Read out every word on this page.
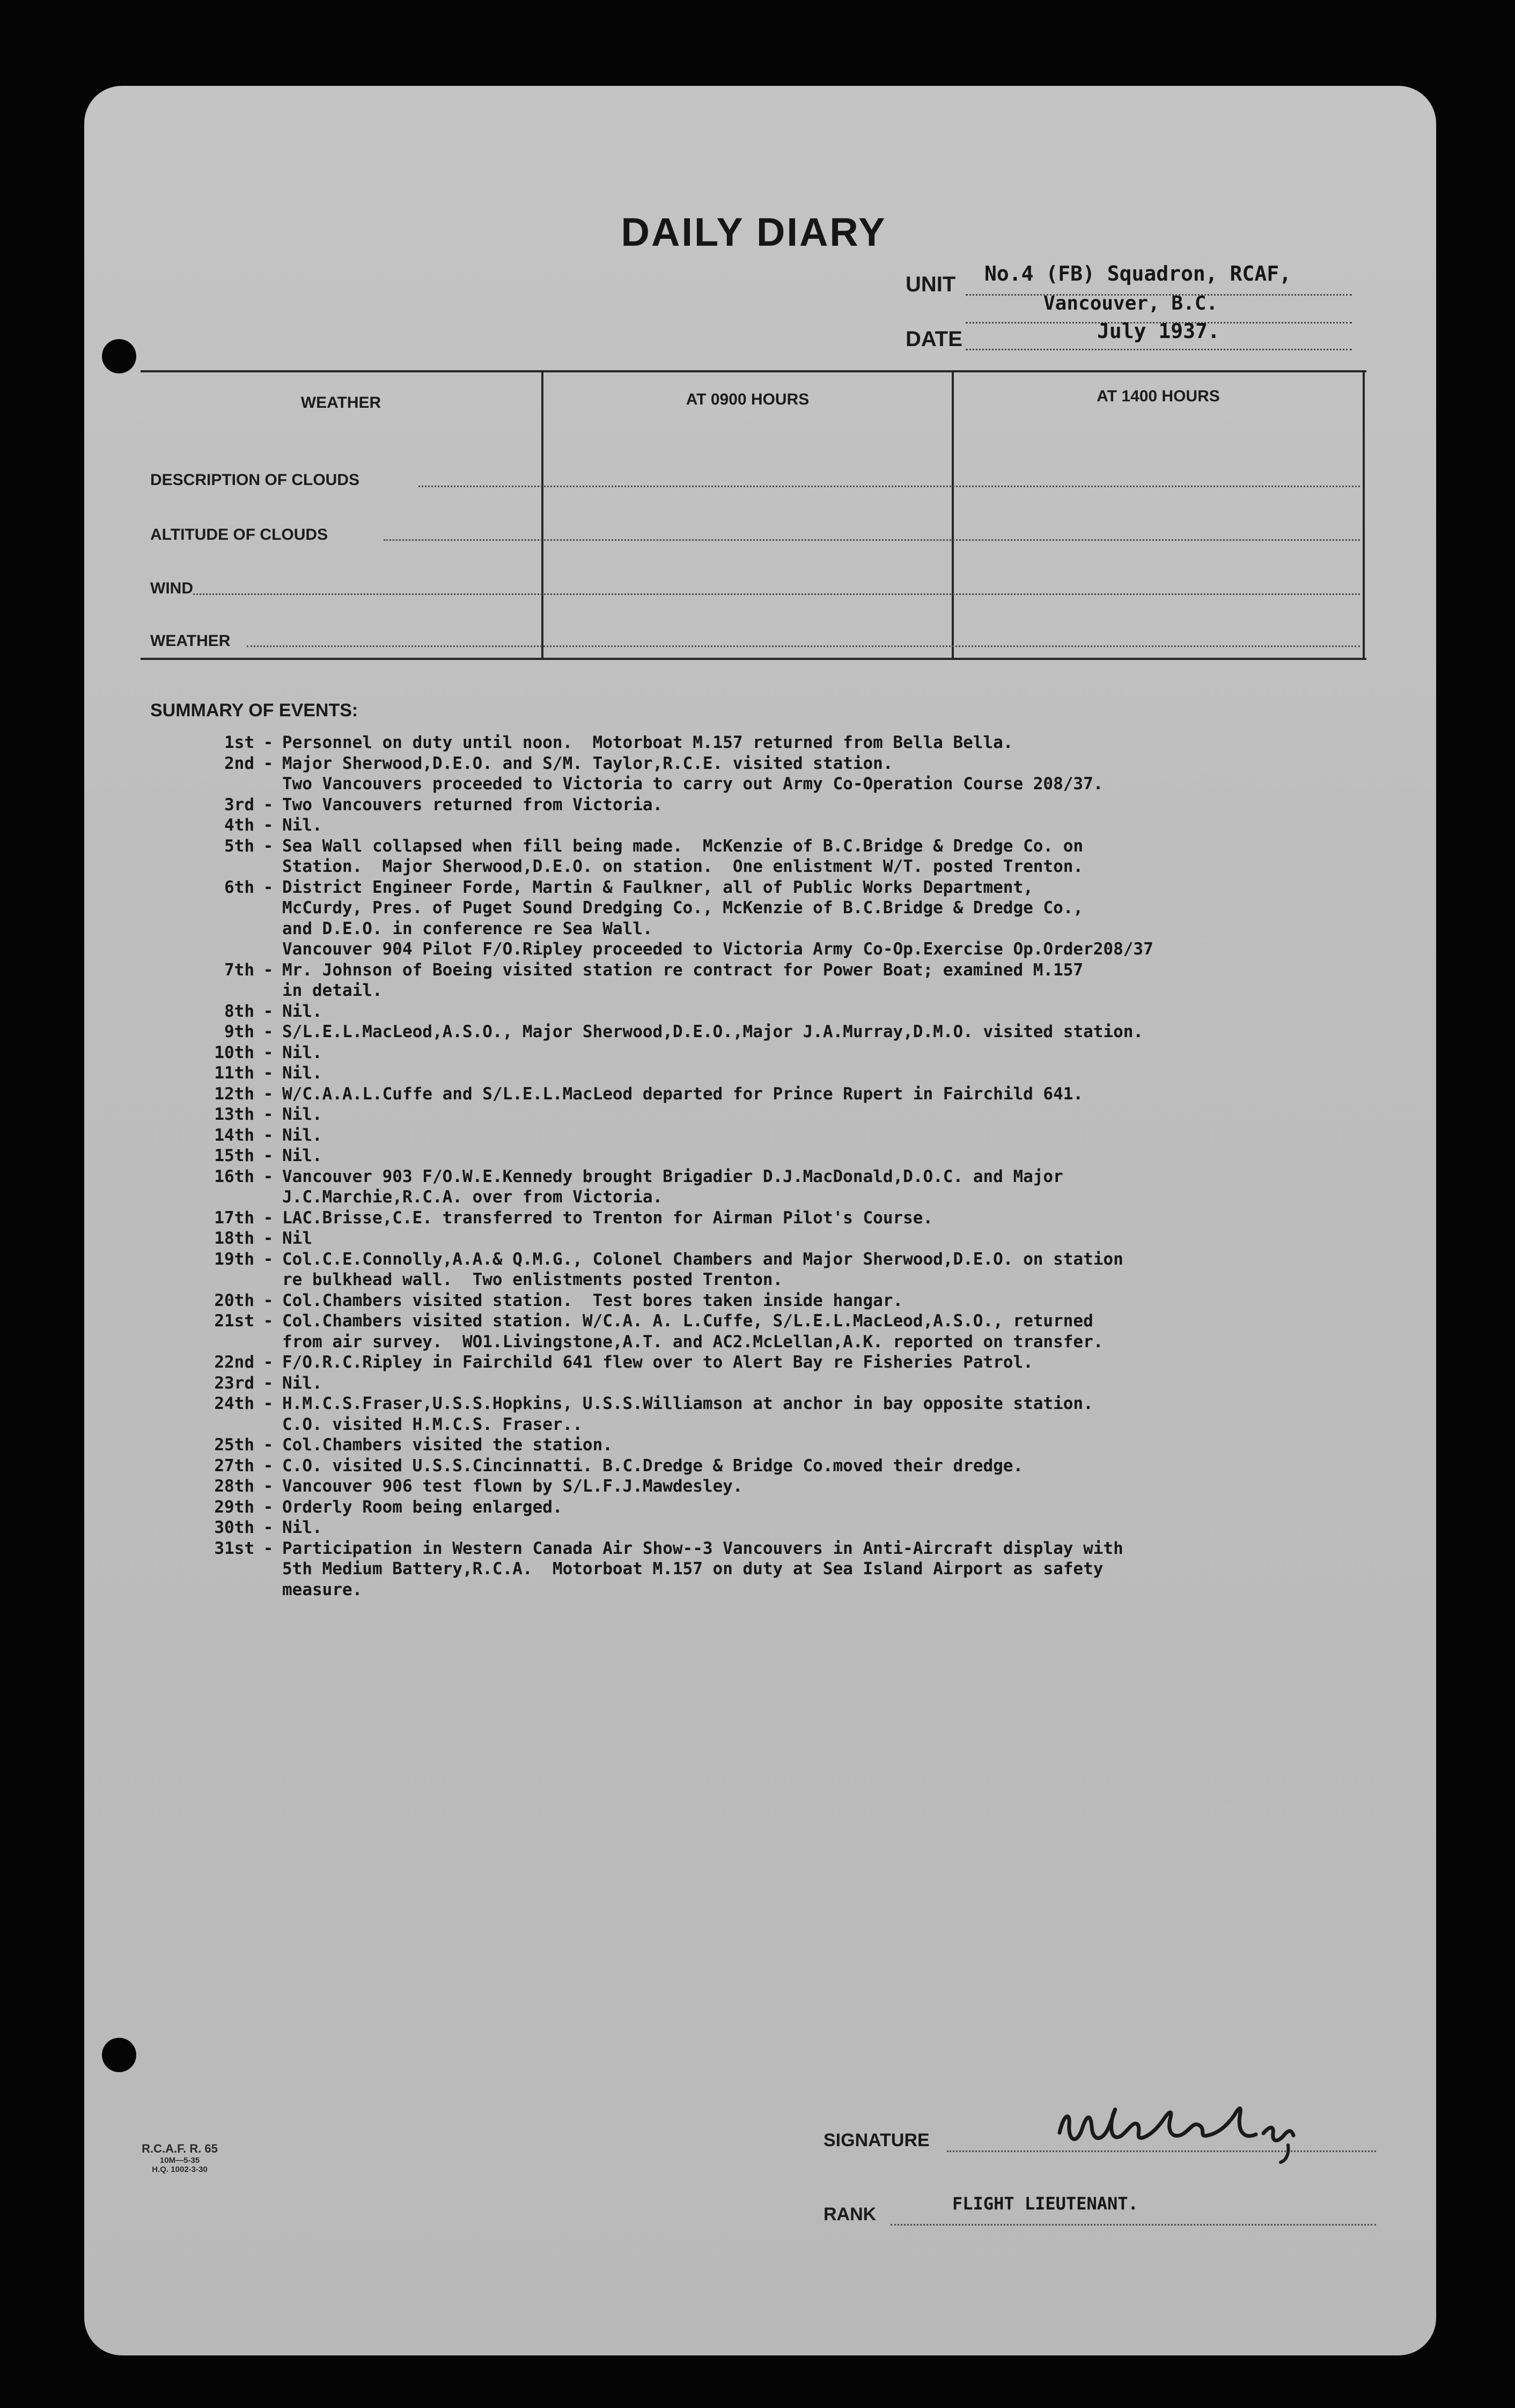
DAILY DIARY
UNIT No.4 (FB) Squadron, RCAF,
Vancouver, B.C.
DATE	July 1937.
WEATHER	AT 0900 HOURS	AT 1400 HOURS
DESCRIPTION OF CLOUDS
ALTITUDE OF CLOUDS
WIND
WEATHER
SUMMARY OF EVENTS:
1st - Personnel on duty until noon.  Motorboat M.157 returned from Bella Bella.
2nd - Major Sherwood,D.E.O. and S/M. Taylor,R.C.E. visited station.
Two Vancouvers proceeded to Victoria to carry out Army Co-Operation Course 208/37.
3rd - Two Vancouvers returned from Victoria.
4th - Nil.
5th - Sea Wall collapsed when fill being made.  McKenzie of B.C.Bridge & Dredge Co. on
Station.  Major Sherwood,D.E.O. on station.  One enlistment W/T. posted Trenton.
6th - District Engineer Forde, Martin & Faulkner, all of Public Works Department,
McCurdy, Pres. of Puget Sound Dredging Co., McKenzie of B.C.Bridge & Dredge Co.,
and D.E.O. in conference re Sea Wall.
Vancouver 904 Pilot F/O.Ripley proceeded to Victoria Army Co-Op.Exercise Op.Order208/37
7th - Mr. Johnson of Boeing visited station re contract for Power Boat; examined M.157
in detail.
8th - Nil.
9th - S/L.E.L.MacLeod,A.S.O., Major Sherwood,D.E.O.,Major J.A.Murray,D.M.O. visited station.
10th - Nil.
11th - Nil.
12th - W/C.A.A.L.Cuffe and S/L.E.L.MacLeod departed for Prince Rupert in Fairchild 641.
13th - Nil.
14th - Nil.
15th - Nil.
16th - Vancouver 903 F/O.W.E.Kennedy brought Brigadier D.J.MacDonald,D.O.C. and Major
J.C.Marchie,R.C.A. over from Victoria.
17th - LAC.Brisse,C.E. transferred to Trenton for Airman Pilot's Course.
18th - Nil
19th - Col.C.E.Connolly,A.A.& Q.M.G., Colonel Chambers and Major Sherwood,D.E.O. on station
re bulkhead wall.  Two enlistments posted Trenton.
20th - Col.Chambers visited station.  Test bores taken inside hangar.
21st - Col.Chambers visited station. W/C.A. A. L.Cuffe, S/L.E.L.MacLeod,A.S.O., returned
from air survey.  WO1.Livingstone,A.T. and AC2.McLellan,A.K. reported on transfer.
22nd - F/O.R.C.Ripley in Fairchild 641 flew over to Alert Bay re Fisheries Patrol.
23rd - Nil.
24th - H.M.C.S.Fraser,U.S.S.Hopkins, U.S.S.Williamson at anchor in bay opposite station.
C.O. visited H.M.C.S. Fraser..
25th - Col.Chambers visited the station.
27th - C.O. visited U.S.S.Cincinnatti. B.C.Dredge & Bridge Co.moved their dredge.
28th - Vancouver 906 test flown by S/L.F.J.Mawdesley.
29th - Orderly Room being enlarged.
30th - Nil.
31st - Participation in Western Canada Air Show--3 Vancouvers in Anti-Aircraft display with
5th Medium Battery,R.C.A.  Motorboat M.157 on duty at Sea Island Airport as safety
measure.
R.C.A.F. R. 65
10M—5-35
H.Q. 1002-3-30
SIGNATURE
RANK
FLIGHT LIEUTENANT.
